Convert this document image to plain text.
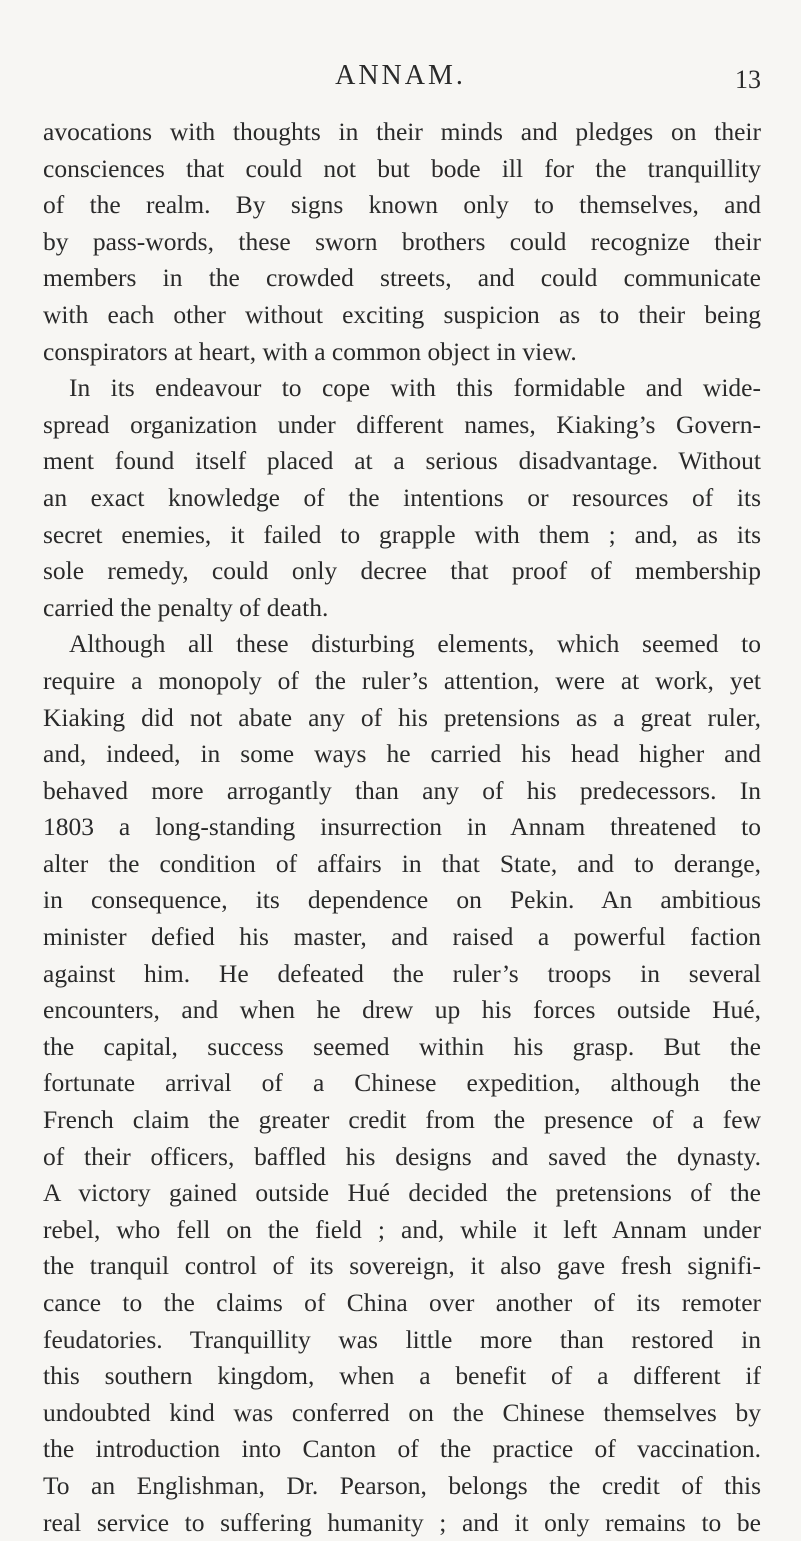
ANNAM.	13
avocations with thoughts in their minds and pledges on their
consciences that could not but bode ill for the tranquillity
of the realm. By signs known only to themselves, and
by pass-words, these sworn brothers could recognize their
members in the crowded streets, and could communicate
with each other without exciting suspicion as to their being
conspirators at heart, with a common object in view.
In its endeavour to cope with this formidable and wide-
spread organization under different names, Kiaking’s Govern-
ment found itself placed at a serious disadvantage. Without
an exact knowledge of the intentions or resources of its
secret enemies, it failed to grapple with them ; and, as its
sole remedy, could only decree that proof of membership
carried the penalty of death.
Although all these disturbing elements, which seemed to
require a monopoly of the ruler’s attention, were at work, yet
Kiaking did not abate any of his pretensions as a great ruler,
and, indeed, in some ways he carried his head higher and
behaved more arrogantly than any of his predecessors. In
1803 a long-standing insurrection in Annam threatened to
alter the condition of affairs in that State, and to derange,
in consequence, its dependence on Pekin. An ambitious
minister defied his master, and raised a powerful faction
against him. He defeated the ruler’s troops in several
encounters, and when he drew up his forces outside Hué,
the capital, success seemed within his grasp. But the
fortunate arrival of a Chinese expedition, although the
French claim the greater credit from the presence of a few
of their officers, baffled his designs and saved the dynasty.
A victory gained outside Hué decided the pretensions of the
rebel, who fell on the field ; and, while it left Annam under
the tranquil control of its sovereign, it also gave fresh signifi-
cance to the claims of China over another of its remoter
feudatories. Tranquillity was little more than restored in
this southern kingdom, when a benefit of a different if
undoubted kind was conferred on the Chinese themselves by
the introduction into Canton of the practice of vaccination.
To an Englishman, Dr. Pearson, belongs the credit of this
real service to suffering humanity ; and it only remains to be
